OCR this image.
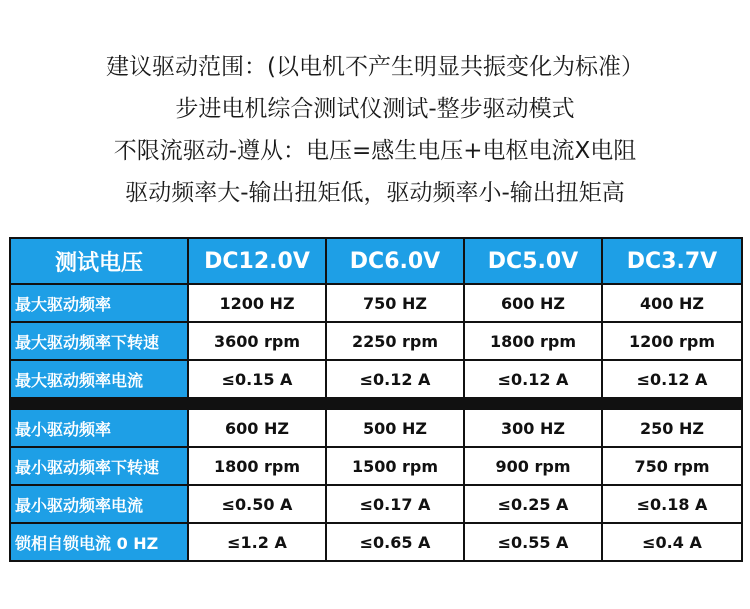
建议驱动范围：(以电机不产生明显共振变化为标准）
步进电机综合测试仪测试-整步驱动模式
不限流驱动-遵从：电压=感生电压+电枢电流X电阻
驱动频率大-输出扭矩低，驱动频率小-输出扭矩高
测试电压	DC12.0V	DC6.0V	DC5.0V	DC3.7V
最大驱动频率	1200 HZ	750 HZ	600 HZ	400 HZ
最大驱动频率下转速	3600 rpm	2250 rpm	1800 rpm	1200 rpm
最大驱动频率电流	≤0.15 A	≤0.12 A	≤0.12 A	≤0.12 A

最小驱动频率	600 HZ	500 HZ	300 HZ	250 HZ
最小驱动频率下转速	1800 rpm	1500 rpm	900 rpm	750 rpm
最小驱动频率电流	≤0.50 A	≤0.17 A	≤0.25 A	≤0.18 A
锁相自锁电流 0 HZ	≤1.2 A	≤0.65 A	≤0.55 A	≤0.4 A
